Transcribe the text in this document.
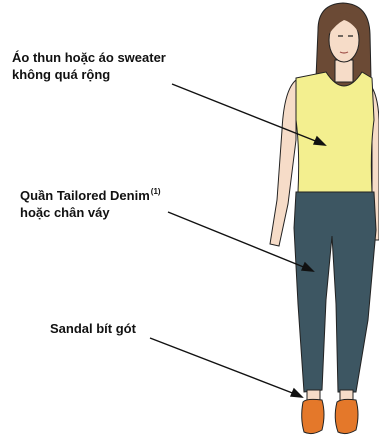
Áo thun hoặc áo sweater
không quá rộng

Quần Tailored Denim$^{(1)}$
hoặc chân váy

Sandal bít gót
